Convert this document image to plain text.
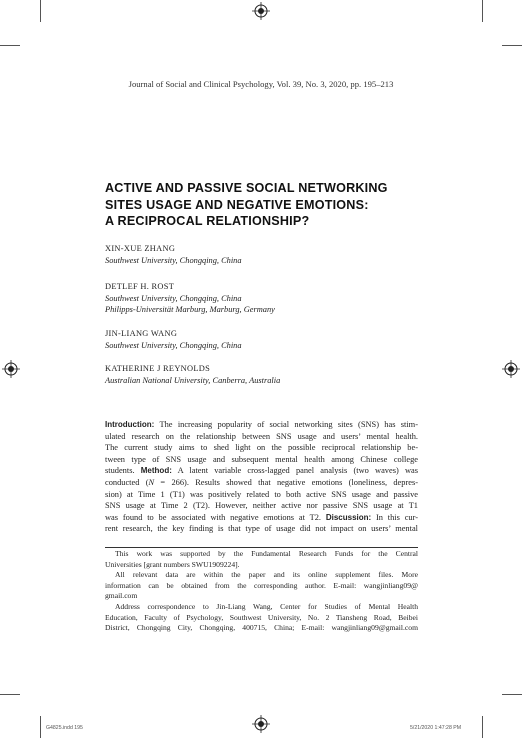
Journal of Social and Clinical Psychology, Vol. 39, No. 3, 2020, pp. 195–213
ACTIVE AND PASSIVE SOCIAL NETWORKING
SITES USAGE AND NEGATIVE EMOTIONS:
A RECIPROCAL RELATIONSHIP?
XIN-XUE ZHANG
Southwest University, Chongqing, China
DETLEF H. ROST
Southwest University, Chongqing, China
Philipps-Universität Marburg, Marburg, Germany
JIN-LIANG WANG
Southwest University, Chongqing, China
KATHERINE J REYNOLDS
Australian National University, Canberra, Australia
Introduction: The increasing popularity of social networking sites (SNS) has stim-
ulated research on the relationship between SNS usage and users’ mental health.
The current study aims to shed light on the possible reciprocal relationship be-
tween type of SNS usage and subsequent mental health among Chinese college
students. Method: A latent variable cross-lagged panel analysis (two waves) was
conducted (N = 266). Results showed that negative emotions (loneliness, depres-
sion) at Time 1 (T1) was positively related to both active SNS usage and passive
SNS usage at Time 2 (T2). However, neither active nor passive SNS usage at T1
was found to be associated with negative emotions at T2. Discussion: In this cur-
rent research, the key finding is that type of usage did not impact on users’ mental
This work was supported by the Fundamental Research Funds for the Central
Universities [grant numbers SWU1909224].
All relevant data are within the paper and its online supplement files. More
information can be obtained from the corresponding author. E-mail: wangjinliang09@
gmail.com
Address correspondence to Jin-Liang Wang, Center for Studies of Mental Health
Education, Faculty of Psychology, Southwest University, No. 2 Tiansheng Road, Beibei
District, Chongqing City, Chongqing, 400715, China; E-mail: wangjinliang09@gmail.com
G4825.indd 195	5/21/2020 1:47:28 PM
